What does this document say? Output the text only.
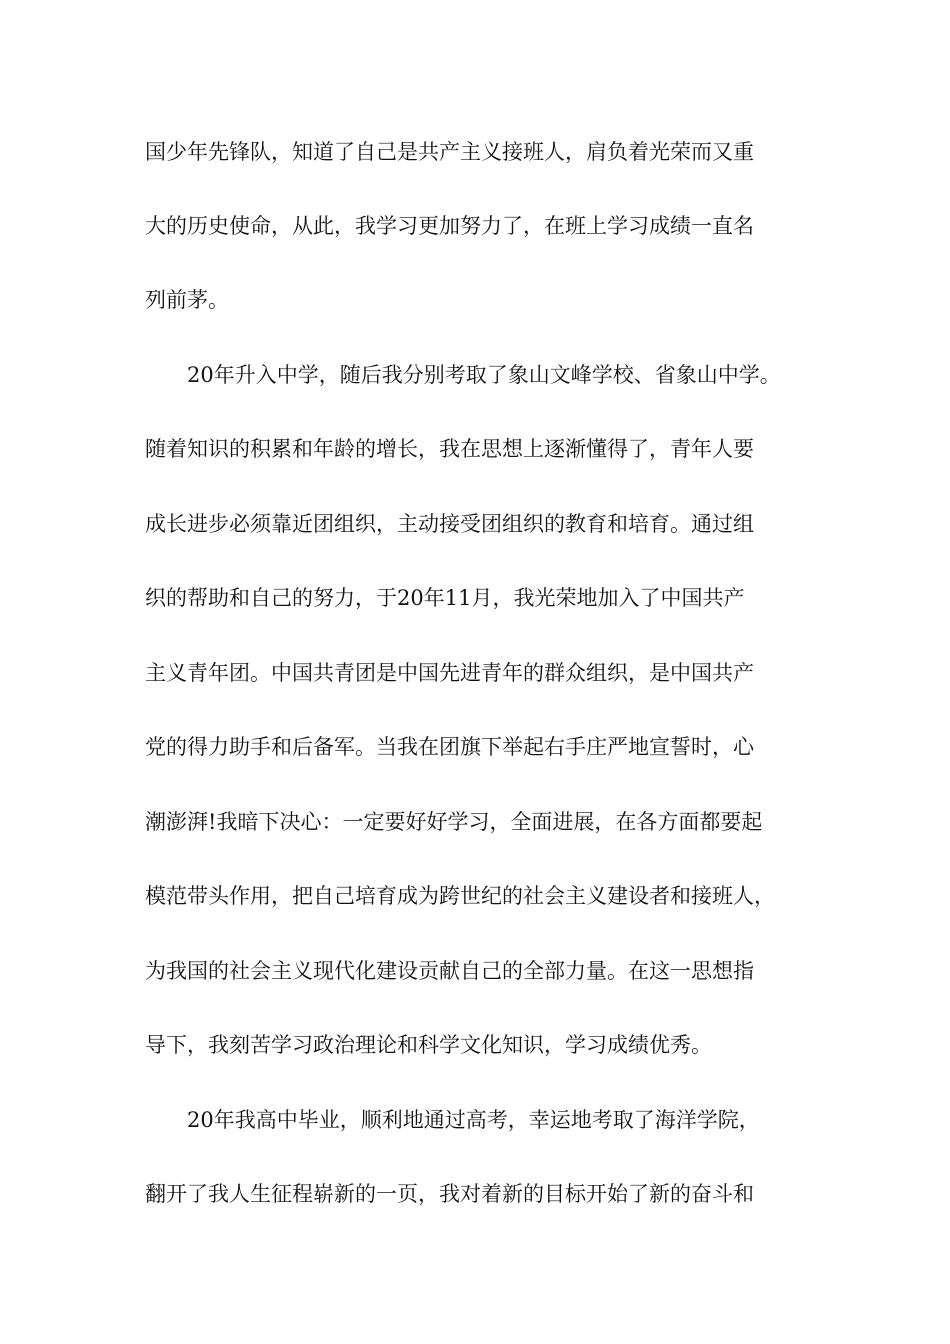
国少年先锋队，知道了自己是共产主义接班人，肩负着光荣而又重
大的历史使命，从此，我学习更加努力了，在班上学习成绩一直名
列前茅。
20年升入中学，随后我分别考取了象山文峰学校、省象山中学。
随着知识的积累和年龄的增长，我在思想上逐渐懂得了，青年人要
成长进步必须靠近团组织，主动接受团组织的教育和培育。通过组
织的帮助和自己的努力，于20年11月，我光荣地加入了中国共产
主义青年团。中国共青团是中国先进青年的群众组织，是中国共产
党的得力助手和后备军。当我在团旗下举起右手庄严地宣誓时，心
潮澎湃!我暗下决心：一定要好好学习，全面进展，在各方面都要起
模范带头作用，把自己培育成为跨世纪的社会主义建设者和接班人，
为我国的社会主义现代化建设贡献自己的全部力量。在这一思想指
导下，我刻苦学习政治理论和科学文化知识，学习成绩优秀。
20年我高中毕业，顺利地通过高考，幸运地考取了海洋学院，
翻开了我人生征程崭新的一页，我对着新的目标开始了新的奋斗和
